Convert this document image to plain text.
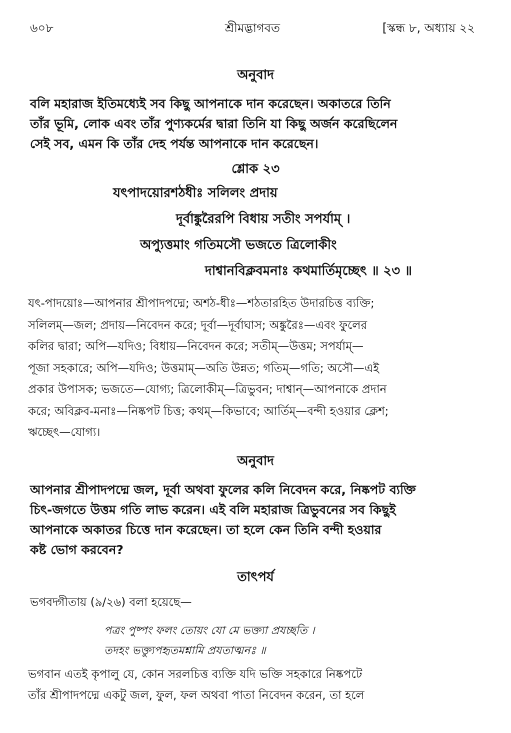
৬০৮	শ্রীমদ্ভাগবত	[স্কন্ধ ৮, অধ্যায় ২২
অনুবাদ
বলি মহারাজ ইতিমধ্যেই সব কিছু আপনাকে দান করেছেন। অকাতরে তিনি
তাঁর ভূমি, লোক এবং তাঁর পুণ্যকর্মের দ্বারা তিনি যা কিছু অর্জন করেছিলেন
সেই সব, এমন কি তাঁর দেহ পর্যন্ত আপনাকে দান করেছেন।
শ্লোক ২৩
যৎপাদয়োরশঠধীঃ সলিলং প্রদায়
দূর্বাঙ্কুরৈরপি বিধায় সতীং সপর্যাম্ ।
অপ্যুত্তমাং গতিমসৌ ভজতে ত্রিলোকীং
দাশ্বানবিক্লবমনাঃ কথমার্তিমৃচ্ছেৎ ॥ ২৩ ॥
যৎ-পাদয়োঃ—আপনার শ্রীপাদপদ্মে; অশঠ-ধীঃ—শঠতারহিত উদারচিত্ত ব্যক্তি;
সলিলম্—জল; প্রদায়—নিবেদন করে; দূর্বা—দূর্বাঘাস; অঙ্কুরৈঃ—এবং ফুলের
কলির দ্বারা; অপি—যদিও; বিধায়—নিবেদন করে; সতীম্—উত্তম; সপর্যাম্—
পূজা সহকারে; অপি—যদিও; উত্তমাম্—অতি উন্নত; গতিম্—গতি; অসৌ—এই
প্রকার উপাসক; ভজতে—যোগ্য; ত্রিলোকীম্—ত্রিভুবন; দাশ্বান্—আপনাকে প্রদান
করে; অবিক্লব-মনাঃ—নিষ্কপট চিত্ত; কথম্—কিভাবে; আর্তিম্—বন্দী হওয়ার ক্লেশ;
ঋচ্ছেৎ—যোগ্য।
অনুবাদ
আপনার শ্রীপাদপদ্মে জল, দূর্বা অথবা ফুলের কলি নিবেদন করে, নিষ্কপট ব্যক্তি
চিৎ-জগতে উত্তম গতি লাভ করেন। এই বলি মহারাজ ত্রিভুবনের সব কিছুই
আপনাকে অকাতর চিত্তে দান করেছেন। তা হলে কেন তিনি বন্দী হওয়ার
কষ্ট ভোগ করবেন?
তাৎপর্য
ভগবদ্গীতায় (৯/২৬) বলা হয়েছে—
পত্রং পুষ্পং ফলং তোয়ং যো মে ভক্ত্যা প্রযচ্ছতি ।
তদহং ভক্ত্যুপহৃতমশ্নামি প্রযতাত্মনঃ ॥
ভগবান এতই কৃপালু যে, কোন সরলচিত্ত ব্যক্তি যদি ভক্তি সহকারে নিষ্কপটে
তাঁর শ্রীপাদপদ্মে একটু জল, ফুল, ফল অথবা পাতা নিবেদন করেন, তা হলে
